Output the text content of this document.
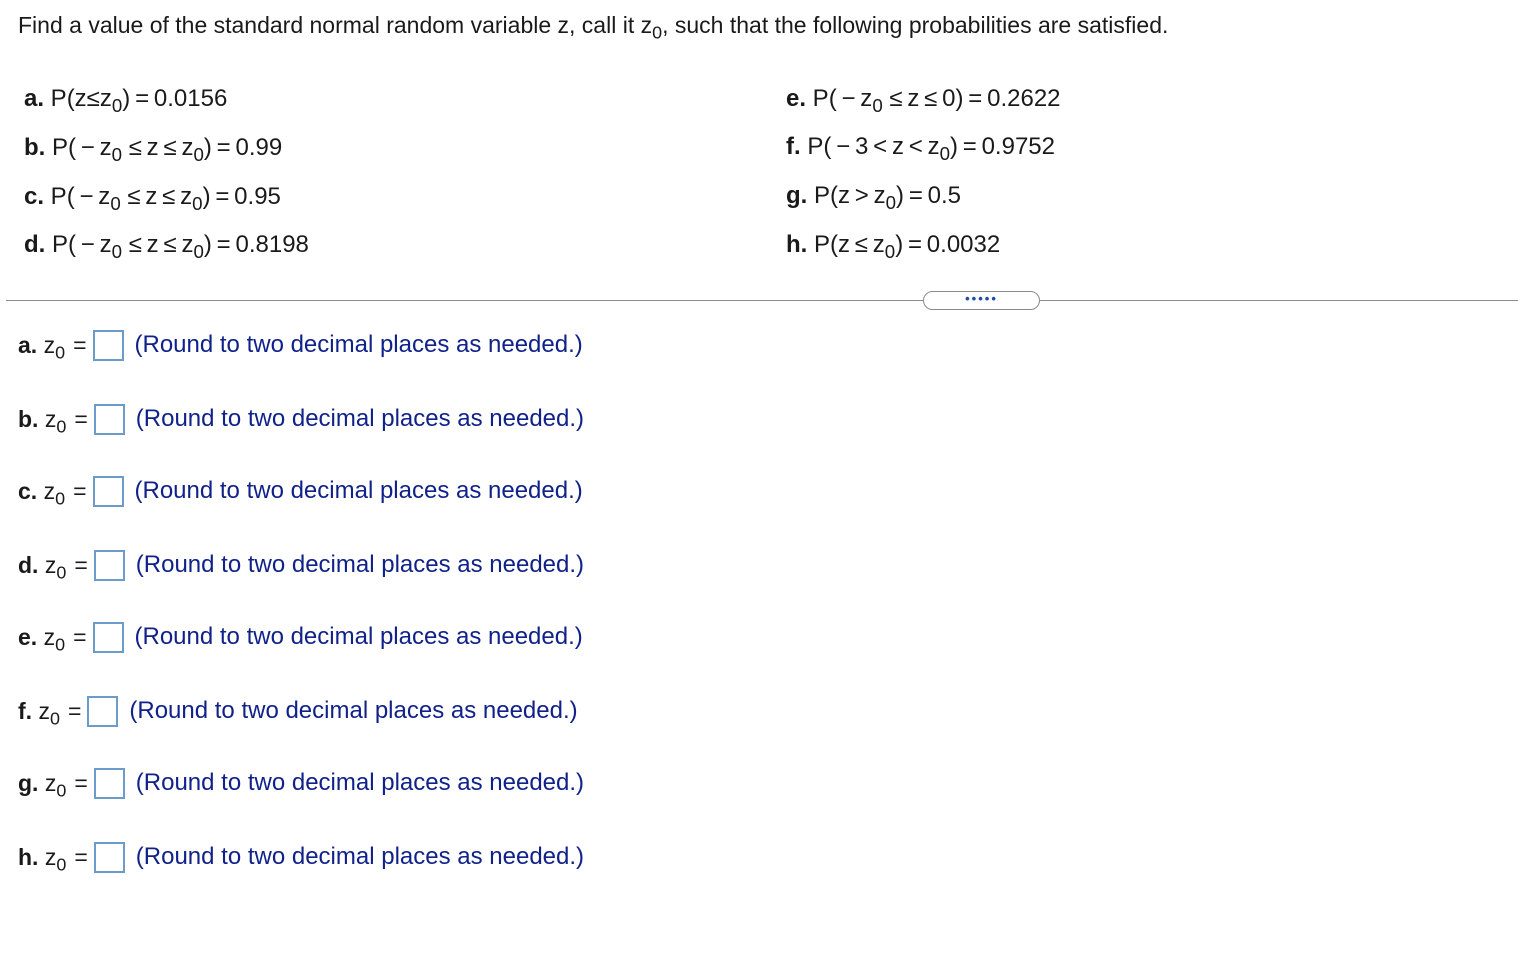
Find a value of the standard normal random variable z, call it $z_0$, such that the following probabilities are satisfied.
a. $P(z\le z_0) = 0.0156$
b. $P( - z_0 \le z \le z_0) = 0.99$
c. $P( - z_0 \le z \le z_0) = 0.95$
d. $P( - z_0 \le z \le z_0) = 0.8198$
e. $P( - z_0 \le z \le 0) = 0.2622$
f. $P( - 3 < z < z_0) = 0.9752$
g. $P(z > z_0) = 0.5$
h. $P(z \le z_0) = 0.0032$
•••••
a. $z_0$ = (Round to two decimal places as needed.)
b. $z_0$ = (Round to two decimal places as needed.)
c. $z_0$ = (Round to two decimal places as needed.)
d. $z_0$ = (Round to two decimal places as needed.)
e. $z_0$ = (Round to two decimal places as needed.)
f. $z_0$ = (Round to two decimal places as needed.)
g. $z_0$ = (Round to two decimal places as needed.)
h. $z_0$ = (Round to two decimal places as needed.)
